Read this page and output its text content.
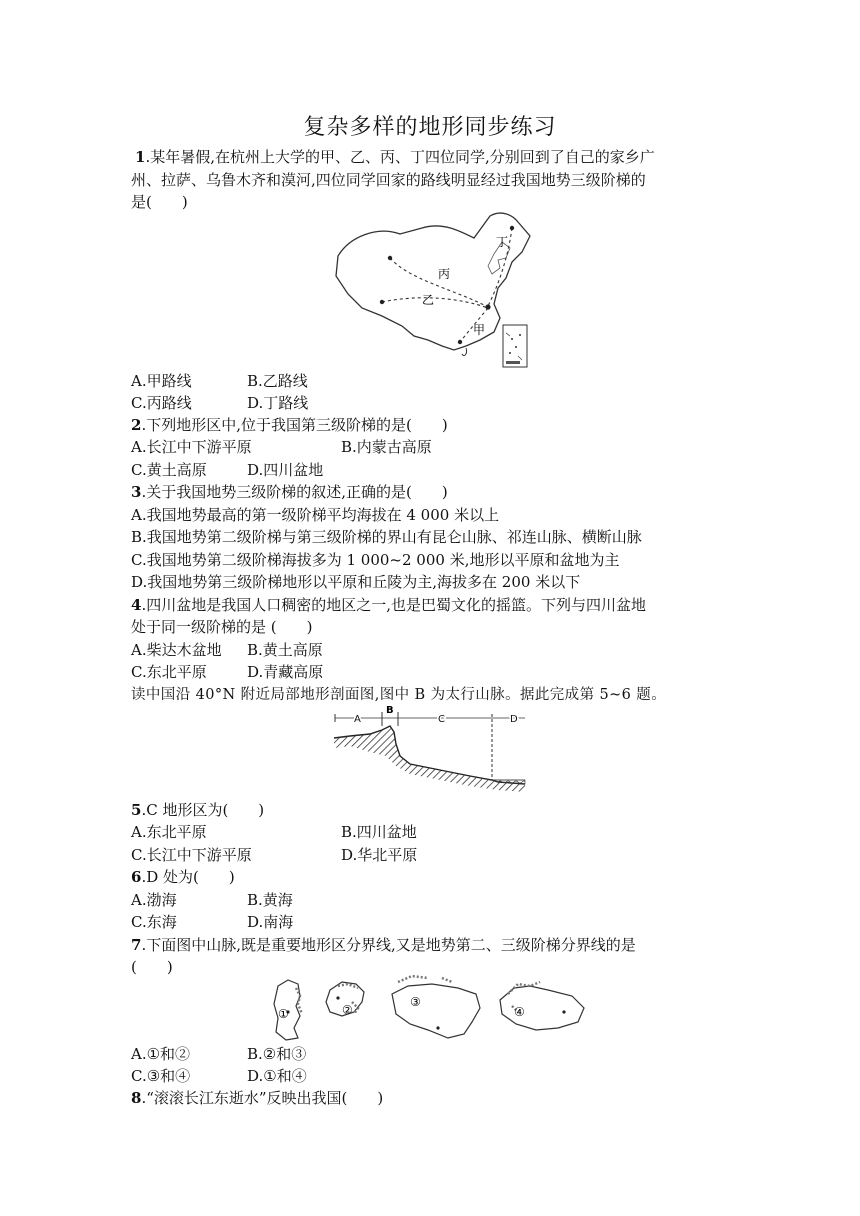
复杂多样的地形同步练习
1.某年暑假,在杭州上大学的甲、乙、丙、丁四位同学,分别回到了自己的家乡广
州、拉萨、乌鲁木齐和漠河,四位同学回家的路线明显经过我国地势三级阶梯的
是(　　)
丙
丁
乙
甲
A.甲路线	B.乙路线
C.丙路线	D.丁路线
2.下列地形区中,位于我国第三级阶梯的是(　　)
A.长江中下游平原	B.内蒙古高原
C.黄土高原	D.四川盆地
3.关于我国地势三级阶梯的叙述,正确的是(　　)
A.我国地势最高的第一级阶梯平均海拔在 4 000 米以上
B.我国地势第二级阶梯与第三级阶梯的界山有昆仑山脉、祁连山脉、横断山脉
C.我国地势第二级阶梯海拔多为 1 000~2 000 米,地形以平原和盆地为主
D.我国地势第三级阶梯地形以平原和丘陵为主,海拔多在 200 米以下
4.四川盆地是我国人口稠密的地区之一,也是巴蜀文化的摇篮。下列与四川盆地
处于同一级阶梯的是 (　　)
A.柴达木盆地 B.黄土高原
C.东北平原	D.青藏高原
读中国沿 40°N 附近局部地形剖面图,图中 B 为太行山脉。据此完成第 5~6 题。
A
B
C	D
5.C 地形区为(　　)
A.东北平原	B.四川盆地
C.长江中下游平原	D.华北平原
6.D 处为(　　)
A.渤海	B.黄海
C.东海	D.南海
7.下面图中山脉,既是重要地形区分界线,又是地势第二、三级阶梯分界线的是
(　　)
①	②
③
④
A.①和②	B.②和③
C.③和④	D.①和④
8.“滚滚长江东逝水”反映出我国(　　)
